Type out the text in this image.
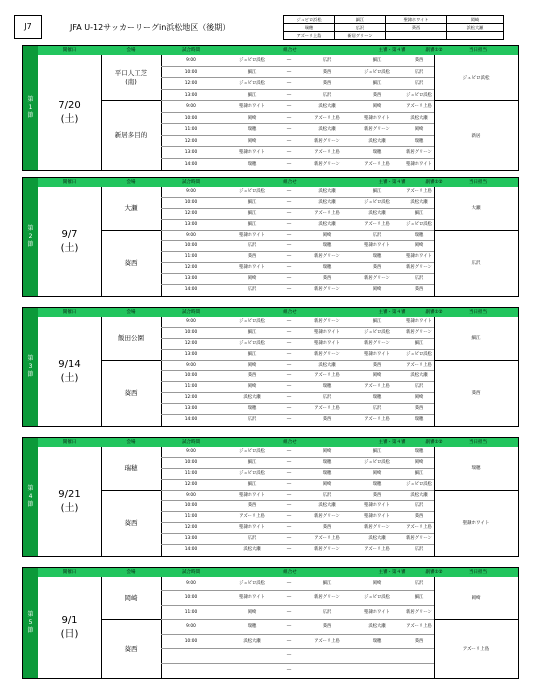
J7	JFA U-12サッカーリーグin浜松地区（後期）
ジュビロ浜松	細江	聖隷ホワイト	岡崎
瑞穂	広沢	葵西	浜松大瀬
アズーリ上島	新居グリーン		
第
1
節
開催日	会場	試合時間	組合せ	主審・第４審	副審①②	当日担当
7/20
(土)
平口人工芝
(南)	ジュビロ浜松
9:00	ジュビロ浜松	―	広沢	細江	葵西
10:00	細江	―	葵西	ジュビロ浜松	広沢
12:00	ジュビロ浜松	―	葵西	細江	広沢
13:00	細江	―	広沢	葵西	ジュビロ浜松
新居多目的	新居
9:00	聖隷ホワイト	―	浜松大瀬	岡崎	アズーリ上島
10:00	岡崎	―	アズーリ上島	聖隷ホワイト	浜松大瀬
11:00	瑞穂	―	浜松大瀬	新居グリーン	岡崎
12:00	岡崎	―	新居グリーン	浜松大瀬	瑞穂
13:00	聖隷ホワイト	―	アズーリ上島	瑞穂	新居グリーン
14:00	瑞穂	―	新居グリーン	アズーリ上島	聖隷ホワイト
第
2
節
開催日	会場	試合時間	組合せ	主審・第４審	副審①②	当日担当
9/7
(土)
大瀬	大瀬
9:00	ジュビロ浜松	―	浜松大瀬	細江	アズーリ上島
10:00	細江	―	浜松大瀬	ジュビロ浜松	浜松大瀬
12:00	細江	―	アズーリ上島	浜松大瀬	細江
13:00	細江	―	浜松大瀬	アズーリ上島	ジュビロ浜松
葵西	広沢
9:00	聖隷ホワイト	―	岡崎	広沢	瑞穂
10:00	広沢	―	瑞穂	聖隷ホワイト	岡崎
11:00	葵西	―	新居グリーン	瑞穂	聖隷ホワイト
12:00	聖隷ホワイト	―	瑞穂	葵西	新居グリーン
13:00	岡崎	―	葵西	新居グリーン	広沢
14:00	広沢	―	新居グリーン	岡崎	葵西
第
3
節
開催日	会場	試合時間	組合せ	主審・第４審	副審①②	当日担当
9/14
(土)
飯田公園	細江
9:00	ジュビロ浜松	―	新居グリーン	細江	聖隷ホワイト
10:00	細江	―	聖隷ホワイト	ジュビロ浜松	新居グリーン
12:00	ジュビロ浜松	―	聖隷ホワイト	新居グリーン	細江
13:00	細江	―	新居グリーン	聖隷ホワイト	ジュビロ浜松
葵西	葵西
9:00	岡崎	―	浜松大瀬	葵西	アズーリ上島
10:00	葵西	―	アズーリ上島	岡崎	浜松大瀬
11:00	岡崎	―	瑞穂	アズーリ上島	広沢
12:00	浜松大瀬	―	広沢	瑞穂	岡崎
13:00	瑞穂	―	アズーリ上島	広沢	葵西
14:00	広沢	―	葵西	アズーリ上島	瑞穂
第
4
節
開催日	会場	試合時間	組合せ	主審・第４審	副審①②	当日担当
9/21
(土)
瑞穂	瑞穂
9:00	ジュビロ浜松	―	岡崎	細江	瑞穂
10:00	細江	―	瑞穂	ジュビロ浜松	岡崎
11:00	ジュビロ浜松	―	瑞穂	岡崎	細江
12:00	細江	―	岡崎	瑞穂	ジュビロ浜松
葵西	聖隷ホワイト
9:00	聖隷ホワイト	―	広沢	葵西	浜松大瀬
10:00	葵西	―	浜松大瀬	聖隷ホワイト	広沢
11:00	アズーリ上島	―	新居グリーン	聖隷ホワイト	葵西
12:00	聖隷ホワイト	―	葵西	新居グリーン	アズーリ上島
13:00	広沢	―	アズーリ上島	浜松大瀬	新居グリーン
14:00	浜松大瀬	―	新居グリーン	アズーリ上島	広沢
第
5
節
開催日	会場	試合時間	組合せ	主審・第４審	副審①②	当日担当
9/1
(日)
岡崎	岡崎
9:00	ジュビロ浜松	―	細江	岡崎	広沢
10:00	聖隷ホワイト	―	新居グリーン	ジュビロ浜松	細江
11:00	岡崎	―	広沢	聖隷ホワイト	新居グリーン
葵西	アズーリ上島
9:00	瑞穂	―	葵西	浜松大瀬	アズーリ上島
10:00	浜松大瀬	―	アズーリ上島	瑞穂	葵西
―
―
